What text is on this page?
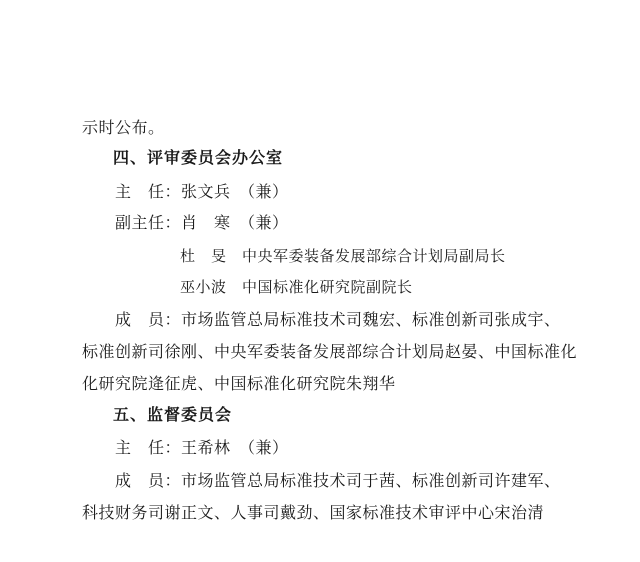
示时公布。
四、评审委员会办公室
主　任：张文兵　（兼）
副主任：肖　寒　（兼）
杜　旻　中央军委装备发展部综合计划局副局长
巫小波　中国标准化研究院副院长
成　员：市场监管总局标准技术司魏宏、标准创新司张成宇、
标准创新司徐刚、中央军委装备发展部综合计划局赵晏、中国标准化
化研究院逄征虎、中国标准化研究院朱翔华
五、监督委员会
主　任：王希林　（兼）
成　员：市场监管总局标准技术司于茜、标准创新司许建军、
科技财务司谢正文、人事司戴劲、国家标准技术审评中心宋治清
